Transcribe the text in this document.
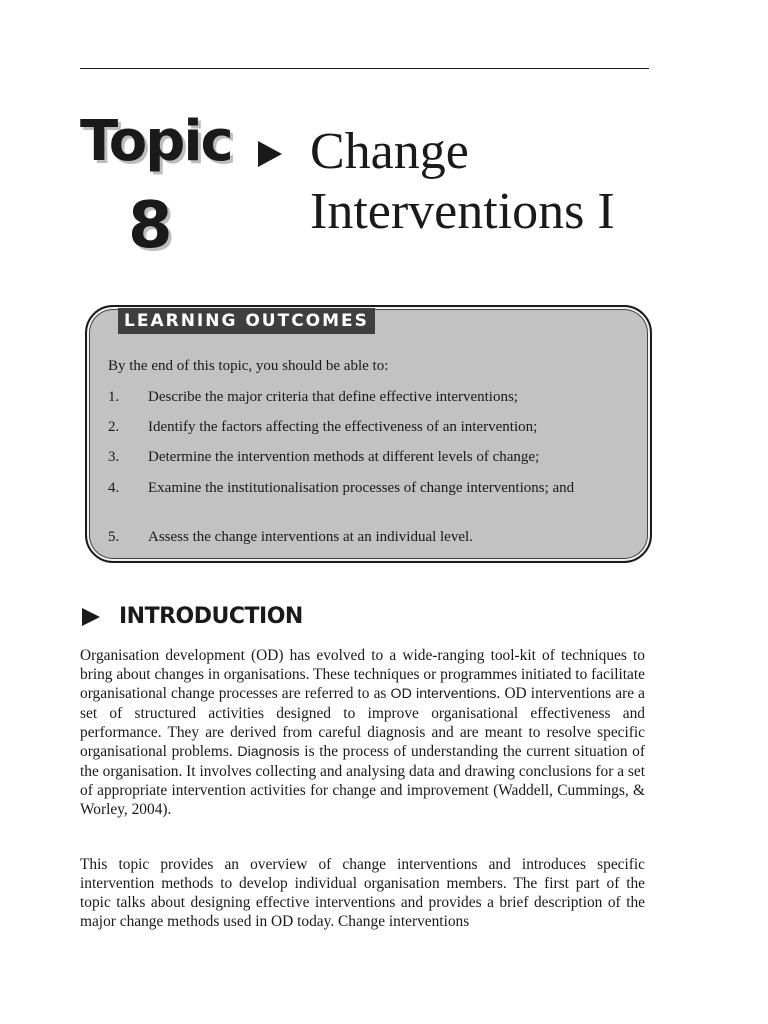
Topic
8
Change
Interventions I
LEARNING OUTCOMES
By the end of this topic, you should be able to:
1. Describe the major criteria that define effective interventions;
2. Identify the factors affecting the effectiveness of an intervention;
3. Determine the intervention methods at different levels of change;
4. Examine the institutionalisation processes of change interventions; and
5. Assess the change interventions at an individual level.
INTRODUCTION

Organisation development (OD) has evolved to a wide-ranging tool-kit of techniques to bring about changes in organisations. These techniques or programmes initiated to facilitate organisational change processes are referred to as OD interventions. OD interventions are a set of structured activities designed to improve organisational effectiveness and performance. They are derived from careful diagnosis and are meant to resolve specific organisational problems. Diagnosis is the process of understanding the current situation of the organisation. It involves collecting and analysing data and drawing conclusions for a set of appropriate intervention activities for change and improvement (Waddell, Cummings, & Worley, 2004).

This topic provides an overview of change interventions and introduces specific intervention methods to develop individual organisation members. The first part of the topic talks about designing effective interventions and provides a brief description of the major change methods used in OD today. Change interventions
